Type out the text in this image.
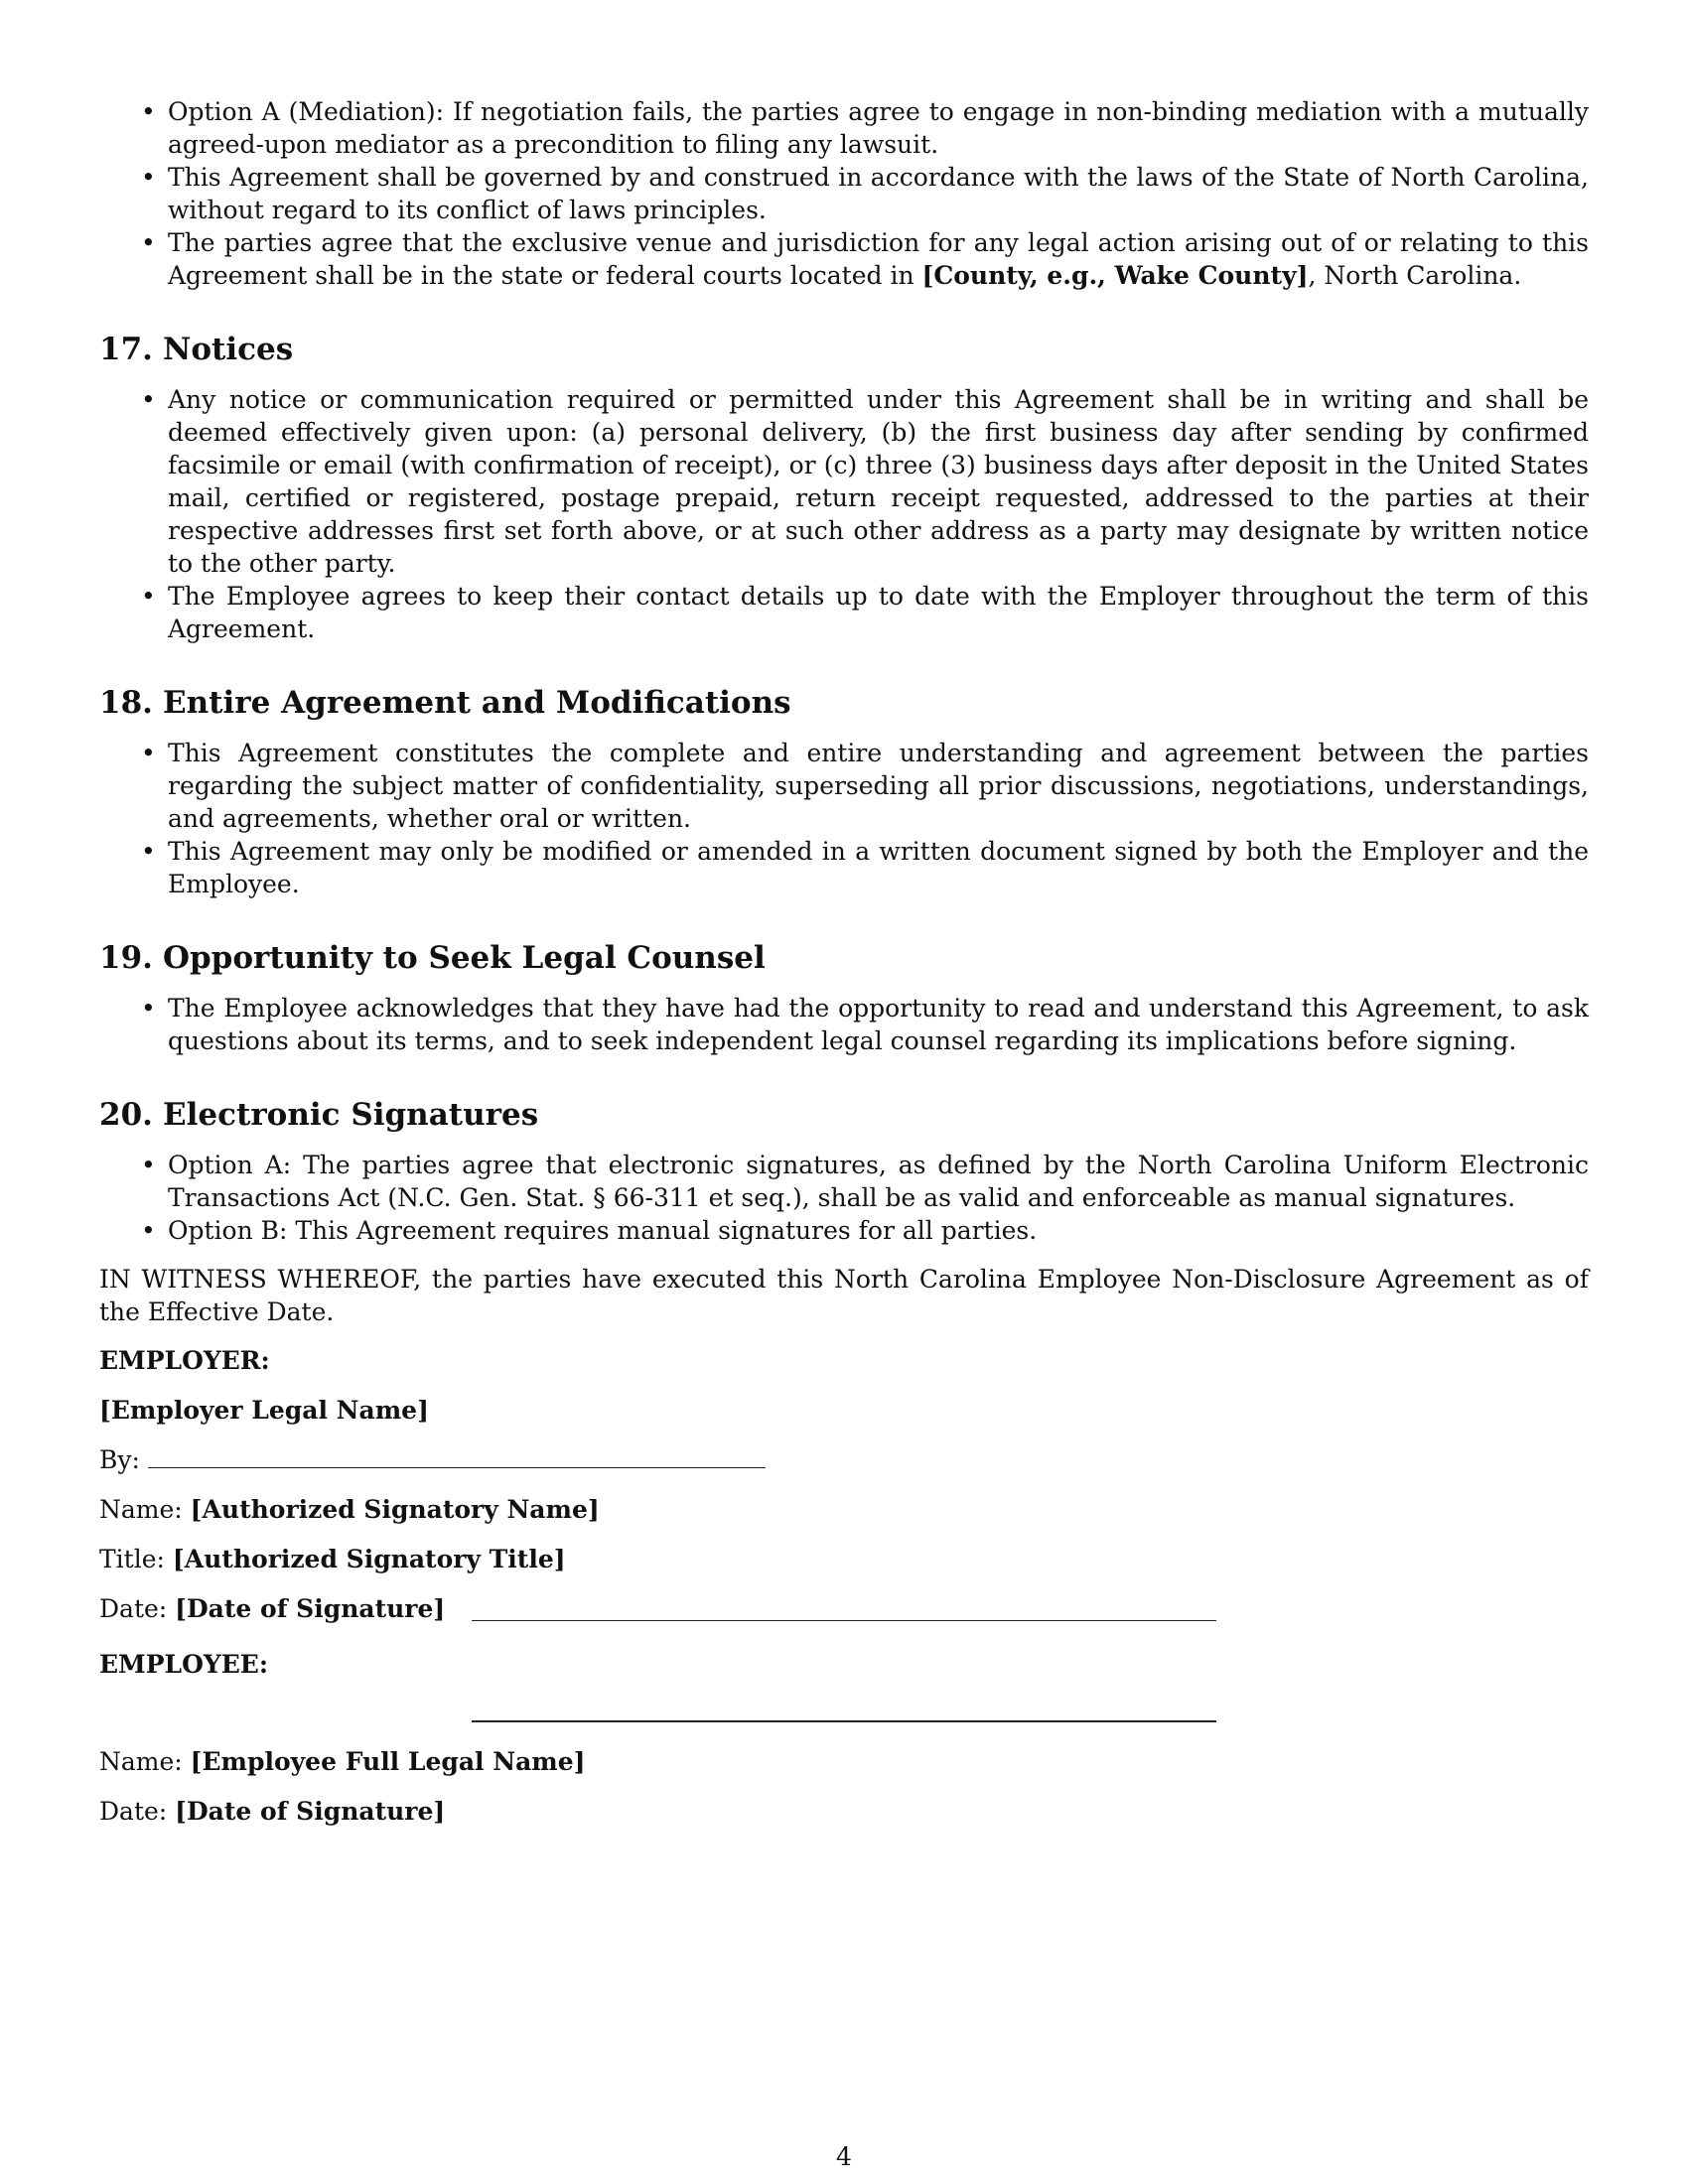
• Option A (Mediation): If negotiation fails, the parties agree to engage in non-binding mediation with a mutually agreed-upon mediator as a precondition to filing any lawsuit.
• This Agreement shall be governed by and construed in accordance with the laws of the State of North Carolina, without regard to its conflict of laws principles.
• The parties agree that the exclusive venue and jurisdiction for any legal action arising out of or relating to this Agreement shall be in the state or federal courts located in [County, e.g., Wake County], North Carolina.
17. Notices
• Any notice or communication required or permitted under this Agreement shall be in writing and shall be deemed effectively given upon: (a) personal delivery, (b) the first business day after sending by confirmed facsimile or email (with confirmation of receipt), or (c) three (3) business days after deposit in the United States mail, certified or registered, postage prepaid, return receipt requested, addressed to the parties at their respective addresses first set forth above, or at such other address as a party may designate by written notice to the other party.
• The Employee agrees to keep their contact details up to date with the Employer throughout the term of this Agreement.
18. Entire Agreement and Modifications
• This Agreement constitutes the complete and entire understanding and agreement between the parties regarding the subject matter of confidentiality, superseding all prior discussions, negotiations, understandings, and agreements, whether oral or written.
• This Agreement may only be modified or amended in a written document signed by both the Employer and the Employee.
19. Opportunity to Seek Legal Counsel
• The Employee acknowledges that they have had the opportunity to read and understand this Agreement, to ask questions about its terms, and to seek independent legal counsel regarding its implications before signing.
20. Electronic Signatures
• Option A: The parties agree that electronic signatures, as defined by the North Carolina Uniform Electronic Transactions Act (N.C. Gen. Stat. § 66-311 et seq.), shall be as valid and enforceable as manual signatures.
• Option B: This Agreement requires manual signatures for all parties.

IN WITNESS WHEREOF, the parties have executed this North Carolina Employee Non-Disclosure Agreement as of the Effective Date.

EMPLOYER:
[Employer Legal Name]
By:
Name: [Authorized Signatory Name]
Title: [Authorized Signatory Title]
Date: [Date of Signature]
EMPLOYEE:
Name: [Employee Full Legal Name]
Date: [Date of Signature]
4
